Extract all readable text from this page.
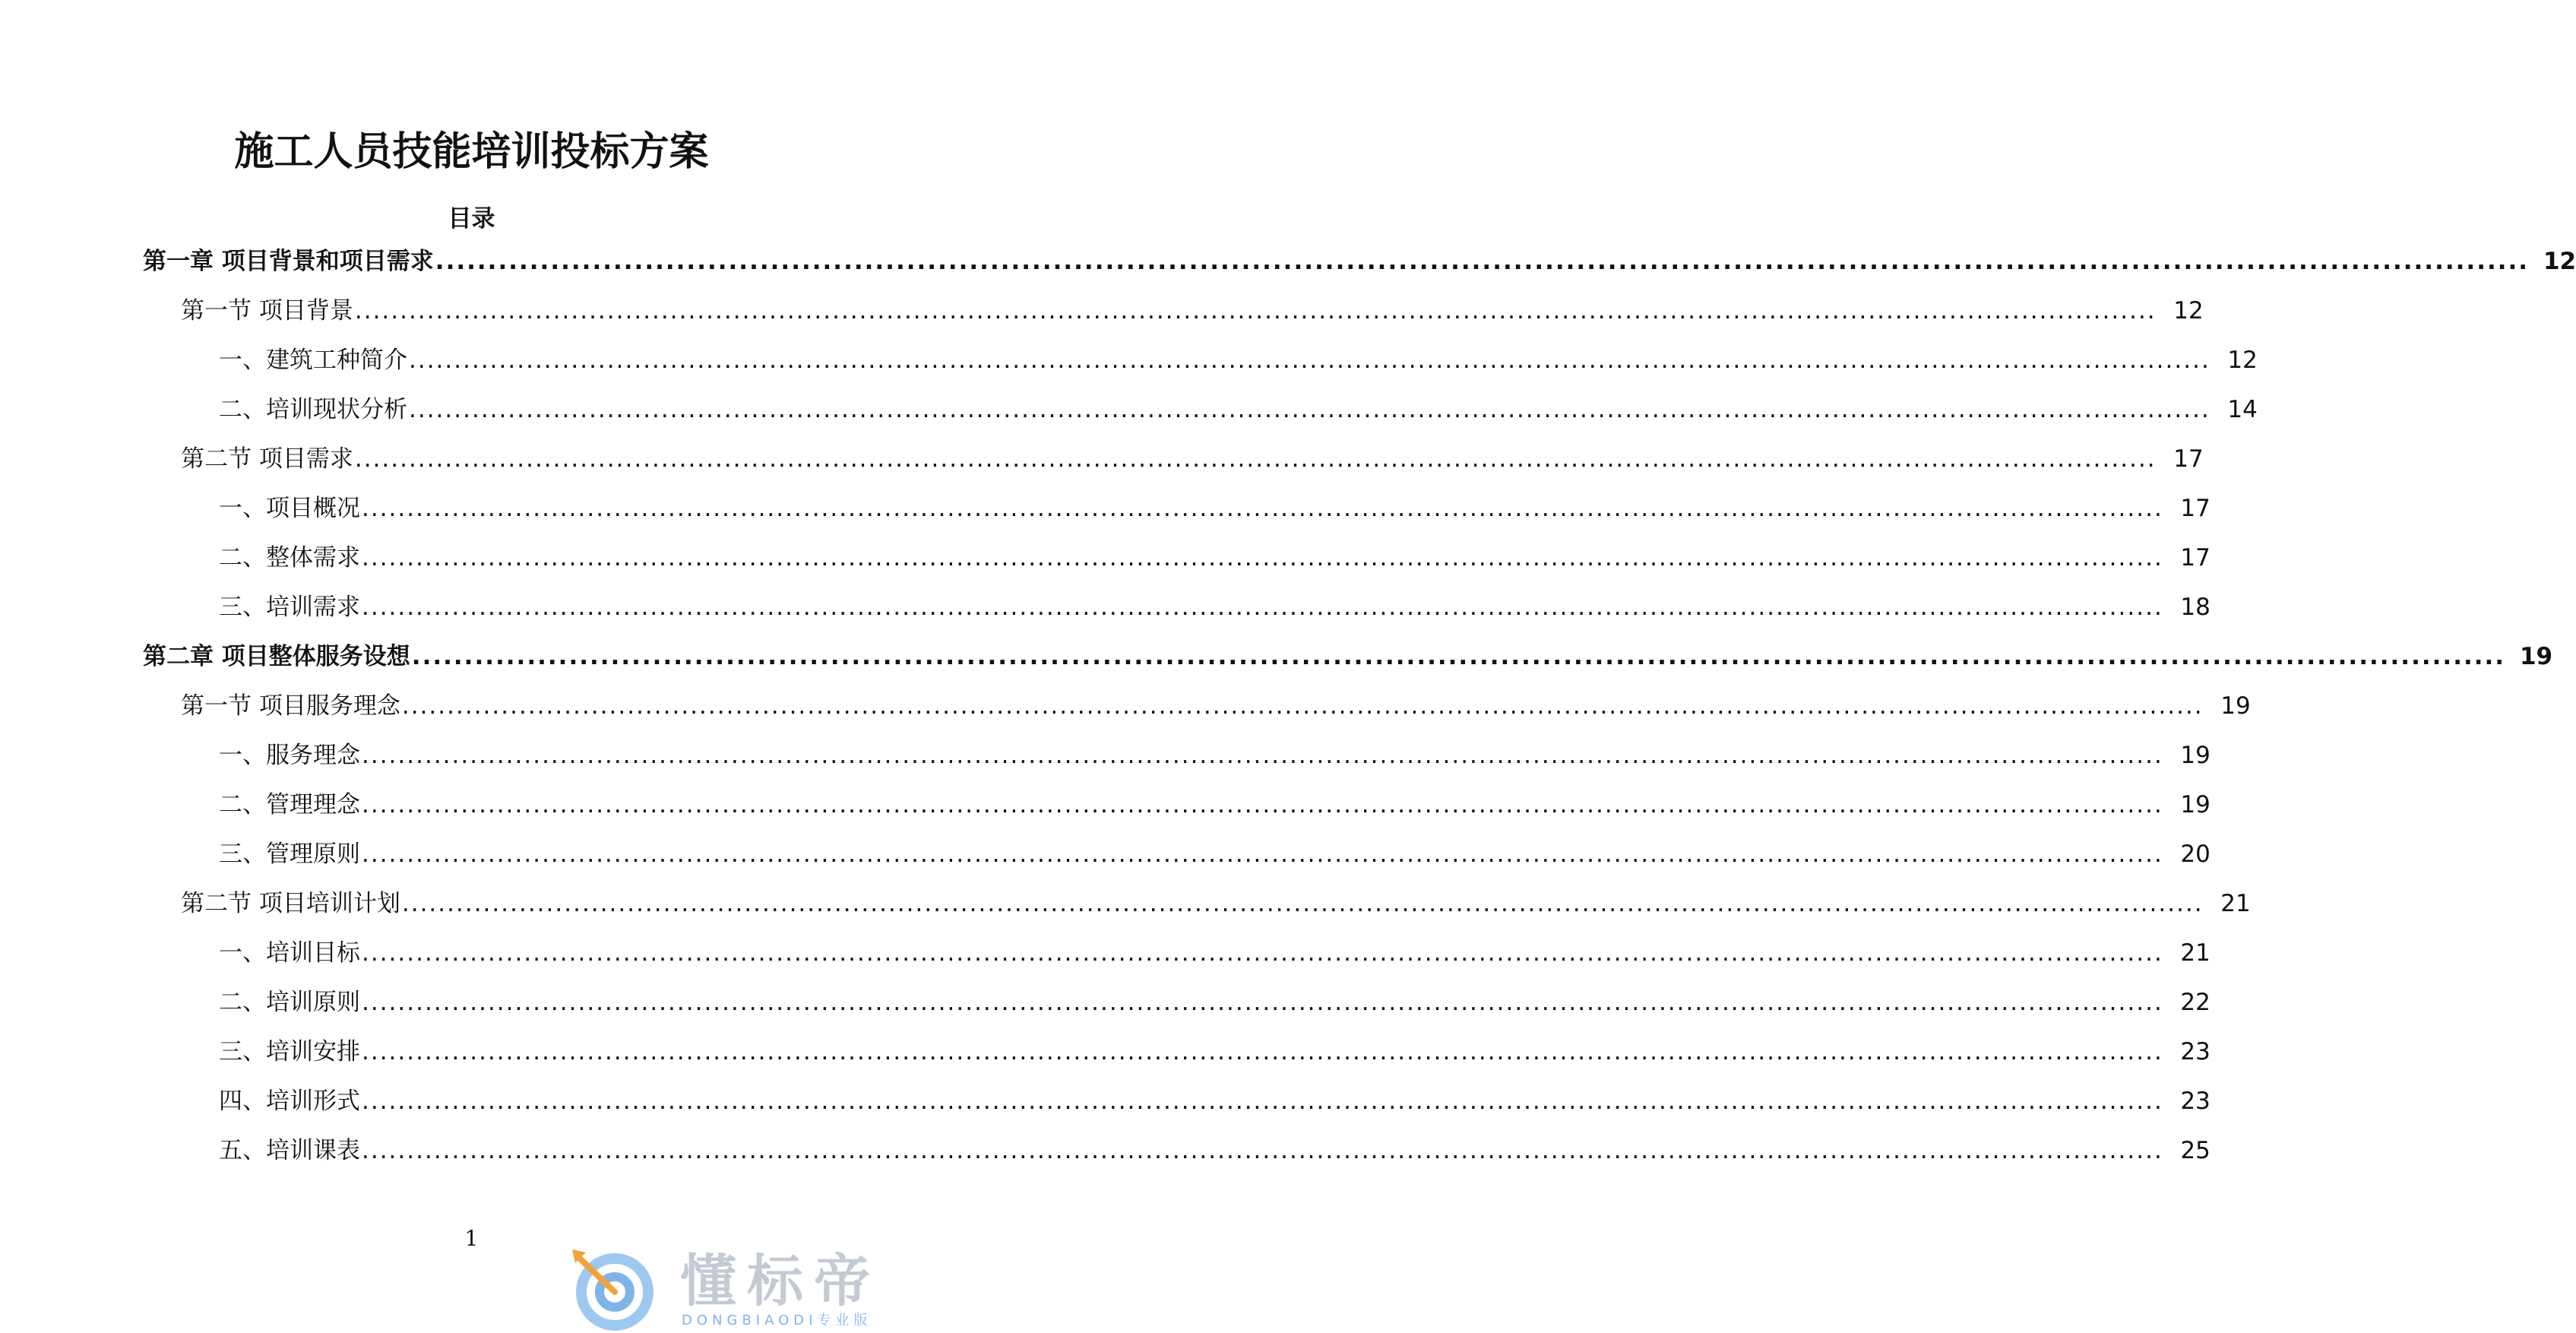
施工人员技能培训投标方案
目录
第一章 项目背景和项目需求 ........................................................................................................................................................................................................ 12
第一节 项目背景 ........................................................................................................................................................................................................ 12
一、建筑工种简介 ........................................................................................................................................................................................................ 12
二、培训现状分析 ........................................................................................................................................................................................................ 14
第二节 项目需求 ........................................................................................................................................................................................................ 17
一、项目概况 ........................................................................................................................................................................................................ 17
二、整体需求 ........................................................................................................................................................................................................ 17
三、培训需求 ........................................................................................................................................................................................................ 18
第二章 项目整体服务设想 ........................................................................................................................................................................................................ 19
第一节 项目服务理念 ........................................................................................................................................................................................................ 19
一、服务理念 ........................................................................................................................................................................................................ 19
二、管理理念 ........................................................................................................................................................................................................ 19
三、管理原则 ........................................................................................................................................................................................................ 20
第二节 项目培训计划 ........................................................................................................................................................................................................ 21
一、培训目标 ........................................................................................................................................................................................................ 21
二、培训原则 ........................................................................................................................................................................................................ 22
三、培训安排 ........................................................................................................................................................................................................ 23
四、培训形式 ........................................................................................................................................................................................................ 23
五、培训课表 ........................................................................................................................................................................................................ 25
1
懂标帝
DONGBIAODI专业版
